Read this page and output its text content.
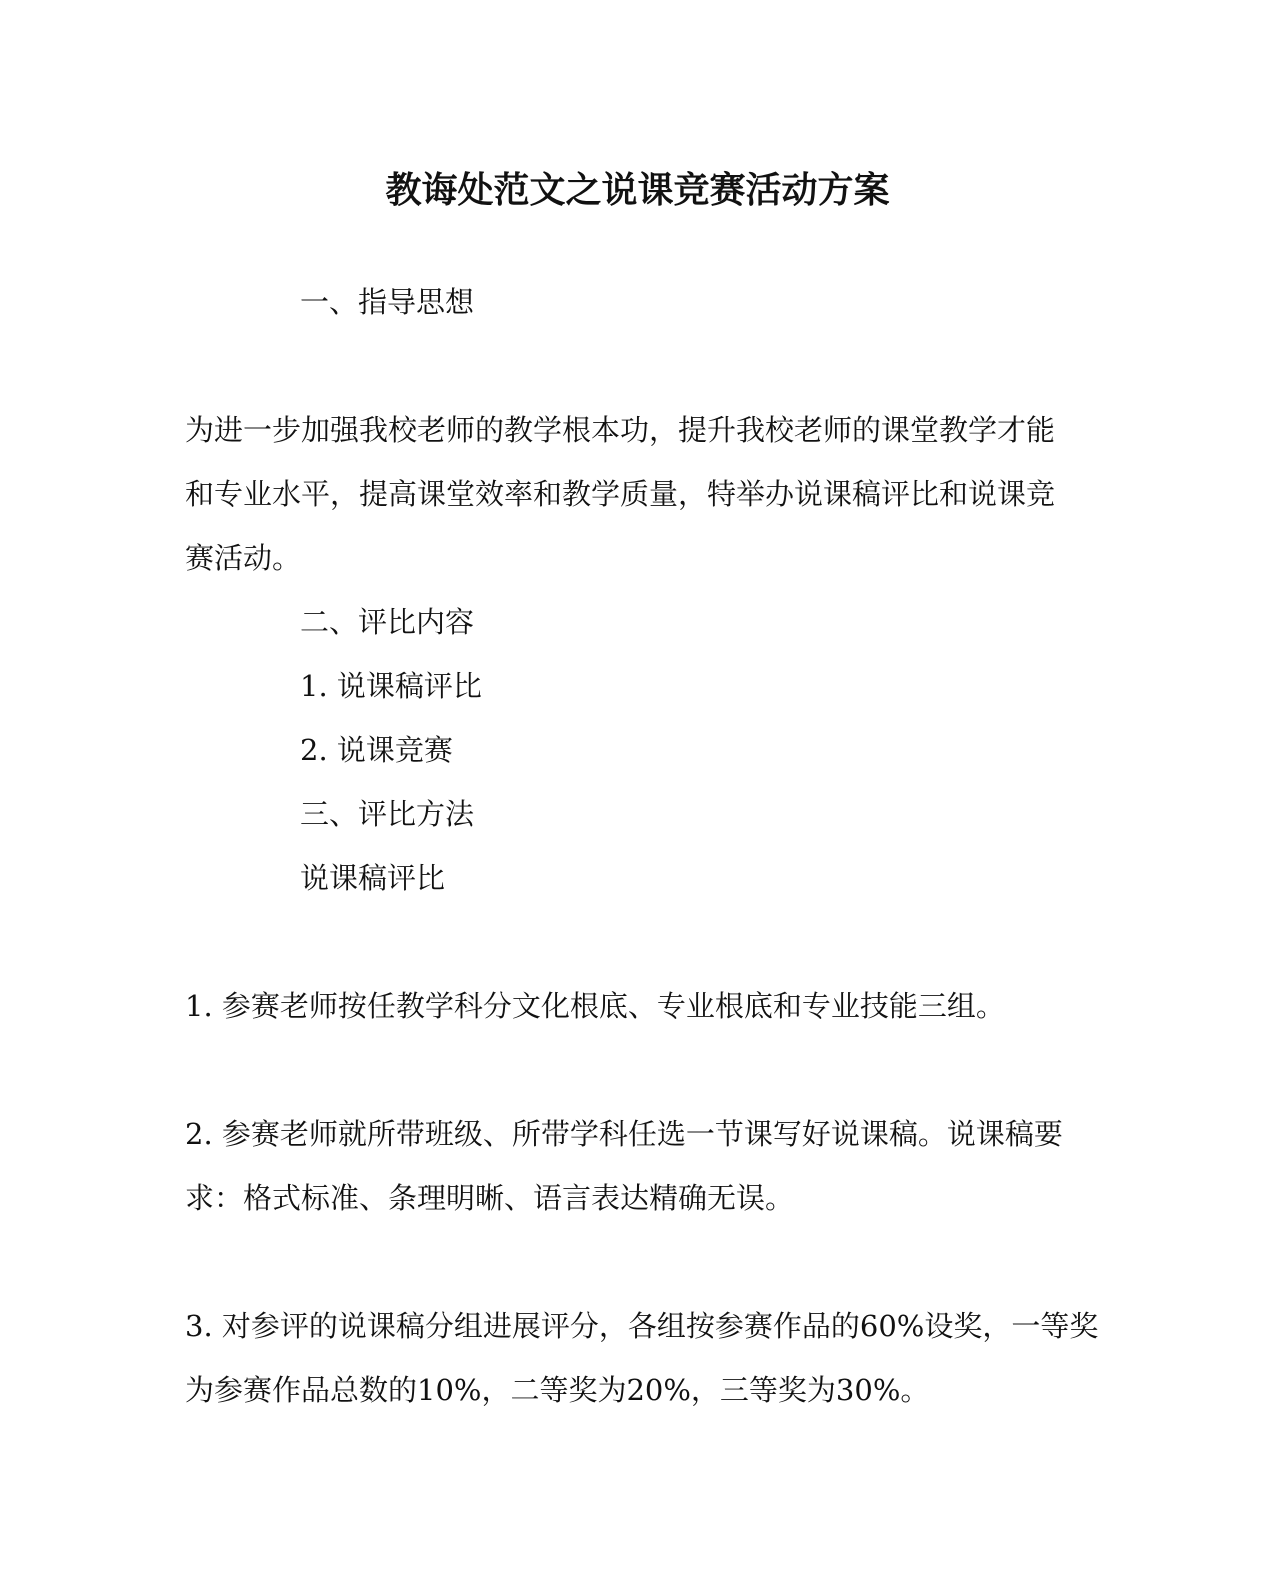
教诲处范文之说课竞赛活动方案
一、指导思想
为进一步加强我校老师的教学根本功，提升我校老师的课堂教学才能
和专业水平，提高课堂效率和教学质量，特举办说课稿评比和说课竞
赛活动。
二、评比内容
1. 说课稿评比
2. 说课竞赛
三、评比方法
说课稿评比
1. 参赛老师按任教学科分文化根底、专业根底和专业技能三组。
2. 参赛老师就所带班级、所带学科任选一节课写好说课稿。说课稿要
求：格式标准、条理明晰、语言表达精确无误。
3. 对参评的说课稿分组进展评分，各组按参赛作品的60%设奖，一等奖
为参赛作品总数的10%，二等奖为20%，三等奖为30%。
